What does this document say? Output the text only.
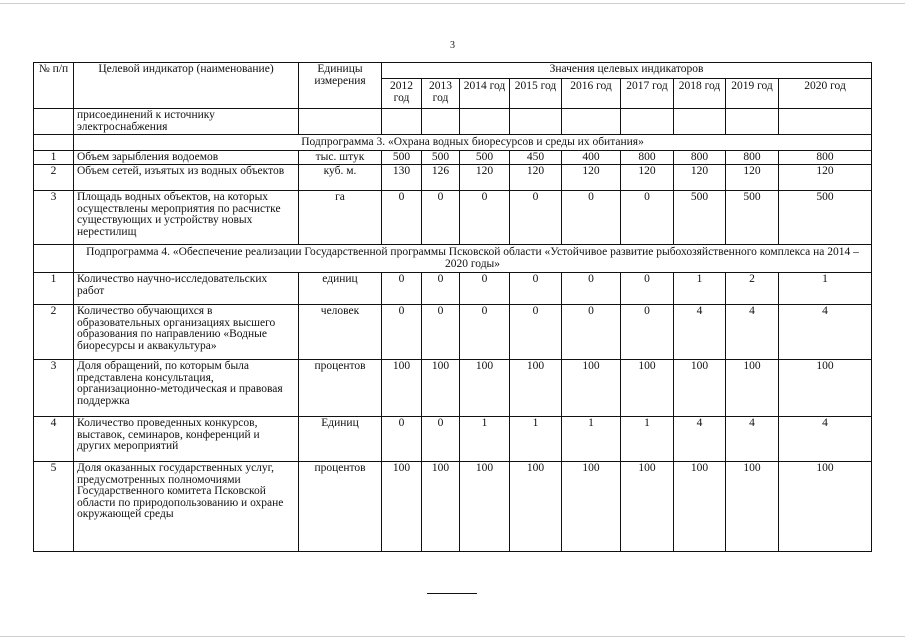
3
№ п/п	Целевой индикатор (наименование)	Единицы измерения	Значения целевых индикаторов								
			2012 год	2013 год	2014 год	2015 год	2016 год	2017 год	2018 год	2019 год	2020 год
	присоединений к источнику электроснабжения										
	Подпрограмма 3. «Охрана водных биоресурсов и среды их обитания»										
1	Объем зарыбления водоемов	тыс. штук	500	500	500	450	400	800	800	800	800
2	Объем сетей, изъятых из водных объектов	куб. м.	130	126	120	120	120	120	120	120	120
3	Площадь водных объектов, на которых осуществлены мероприятия по расчистке существующих и устройству новых нерестилищ	га	0	0	0	0	0	0	500	500	500
	Подпрограмма 4. «Обеспечение реализации Государственной программы Псковской области «Устойчивое развитие рыбохозяйственного комплекса на 2014 – 2020 годы»										
1	Количество научно-исследовательских работ	единиц	0	0	0	0	0	0	1	2	1
2	Количество обучающихся в образовательных организациях высшего образования по направлению «Водные биоресурсы и аквакультура»	человек	0	0	0	0	0	0	4	4	4
3	Доля обращений, по которым была представлена консультация, организационно-методическая и правовая поддержка	процентов	100	100	100	100	100	100	100	100	100
4	Количество проведенных конкурсов, выставок, семинаров, конференций и других мероприятий	Единиц	0	0	1	1	1	1	4	4	4
5	Доля оказанных государственных услуг, предусмотренных полномочиями Государственного комитета Псковской области по природопользованию и охране окружающей среды	процентов	100	100	100	100	100	100	100	100	100
